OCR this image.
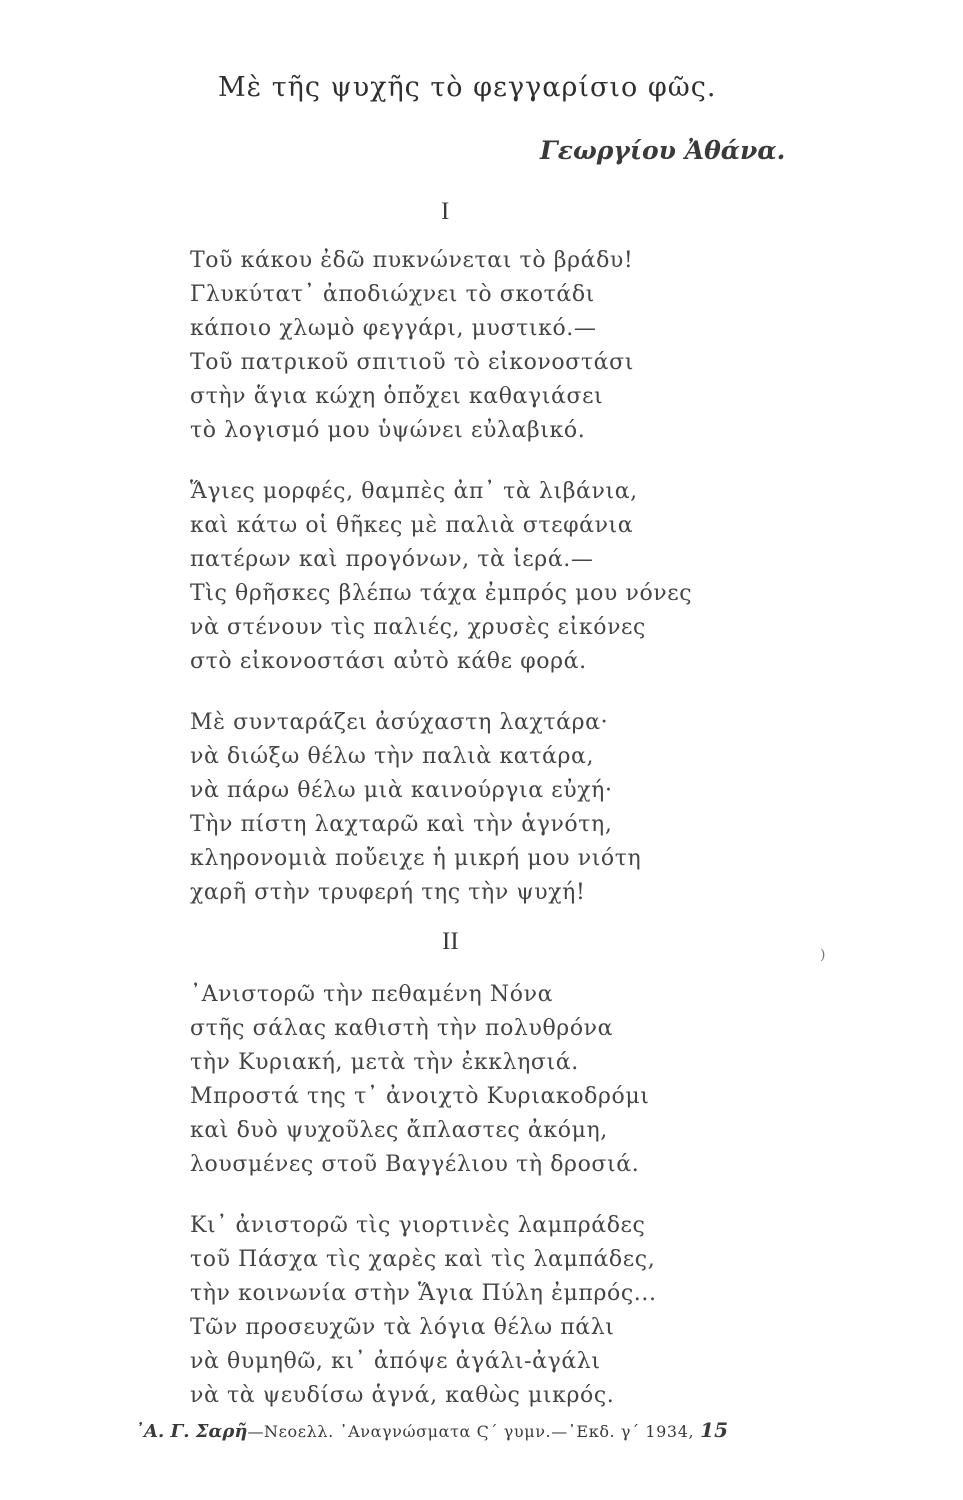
Μὲ τῆς ψυχῆς τὸ φεγγαρίσιο φῶς.
Γεωργίου Ἀθάνα.
I
Τοῦ κάκου ἐδῶ πυκνώνεται τὸ βράδυ!
Γλυκύτατ᾽ ἀποδιώχνει τὸ σκοτάδι
κάποιο χλωμὸ φεγγάρι, μυστικό.—
Τοῦ πατρικοῦ σπιτιοῦ τὸ εἰκονοστάσι
στὴν ἅγια κώχη ὁπὄχει καθαγιάσει
τὸ λογισμό μου ὑψώνει εὐλαβικό.
Ἅγιες μορφές, θαμπὲς ἀπ᾽ τὰ λιβάνια,
καὶ κάτω οἱ θῆκες μὲ παλιὰ στεφάνια
πατέρων καὶ προγόνων, τὰ ἱερά.—
Τὶς θρῆσκες βλέπω τάχα ἐμπρός μου νόνες
νὰ στένουν τὶς παλιές, χρυσὲς εἰκόνες
στὸ εἰκονοστάσι αὐτὸ κάθε φορά.
Μὲ συνταράζει ἀσύχαστη λαχτάρα·
νὰ διώξω θέλω τὴν παλιὰ κατάρα,
νὰ πάρω θέλω μιὰ καινούργια εὐχή·
Τὴν πίστη λαχταρῶ καὶ τὴν ἁγνότη,
κληρονομιὰ ποὔειχε ἡ μικρή μου νιότη
χαρῆ στὴν τρυφερή της τὴν ψυχή!
II
᾽Ανιστορῶ τὴν πεθαμένη Νόνα
στῆς σάλας καθιστὴ τὴν πολυθρόνα
τὴν Κυριακή, μετὰ τὴν ἐκκλησιά.
Μπροστά της τ᾽ ἀνοιχτὸ Κυριακοδρόμι
καὶ δυὸ ψυχοῦλες ἄπλαστες ἀκόμη,
λουσμένες στοῦ Βαγγέλιου τὴ δροσιά.
Κι᾽ ἀνιστορῶ τὶς γιορτινὲς λαμπράδες
τοῦ Πάσχα τὶς χαρὲς καὶ τὶς λαμπάδες,
τὴν κοινωνία στὴν Ἅγια Πύλη ἐμπρός...
Τῶν προσευχῶν τὰ λόγια θέλω πάλι
νὰ θυμηθῶ, κι᾽ ἀπόψε ἀγάλι-ἀγάλι
νὰ τὰ ψευδίσω ἁγνά, καθὼς μικρός.
᾽Α. Γ. Σαρῆ—Νεοελλ. ᾽Αναγνώσματα Ϛ΄ γυμν.—᾽Εκδ. γ΄ 1934, 15
)
